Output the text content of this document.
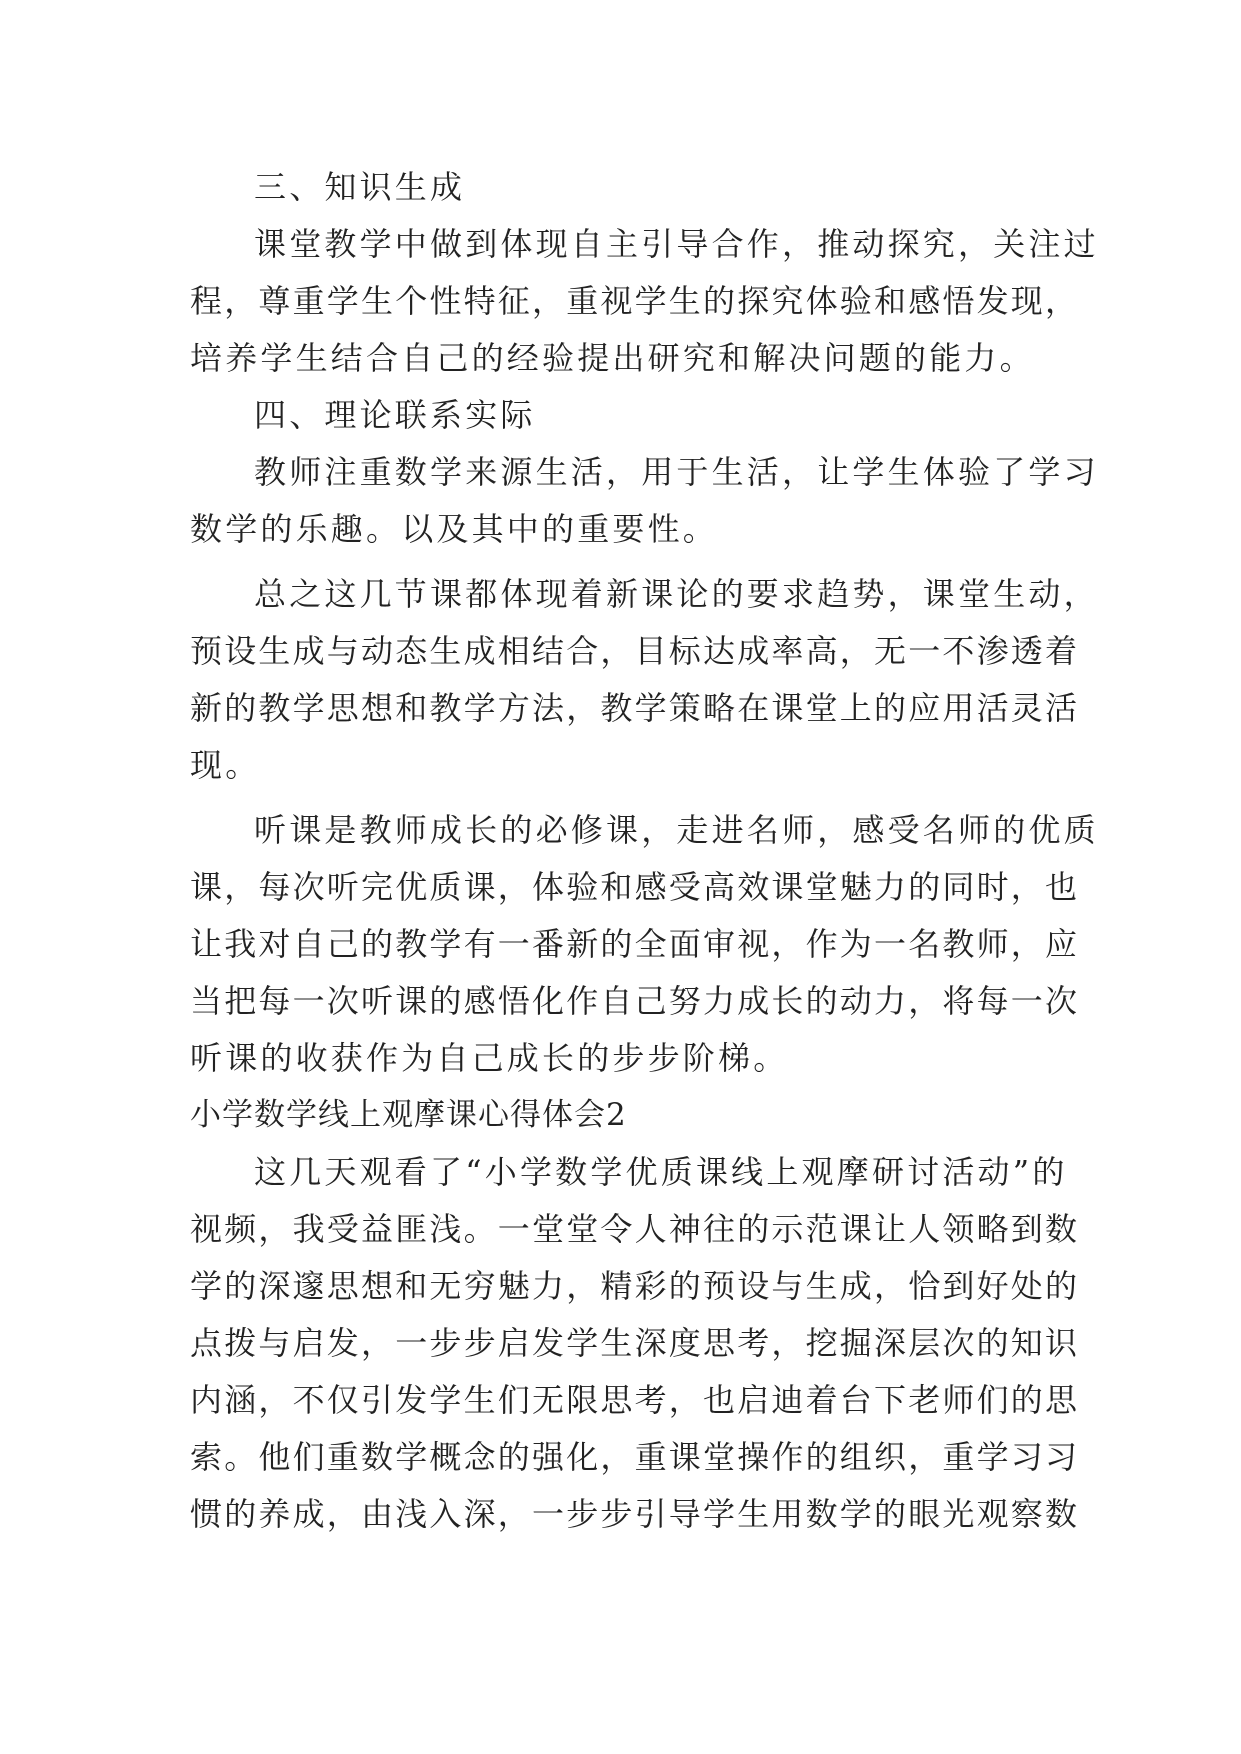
三、知识生成
课堂教学中做到体现自主引导合作，推动探究，关注过
程，尊重学生个性特征，重视学生的探究体验和感悟发现，
培养学生结合自己的经验提出研究和解决问题的能力。
四、理论联系实际
教师注重数学来源生活，用于生活，让学生体验了学习
数学的乐趣。以及其中的重要性。
总之这几节课都体现着新课论的要求趋势，课堂生动，
预设生成与动态生成相结合，目标达成率高，无一不渗透着
新的教学思想和教学方法，教学策略在课堂上的应用活灵活
现。
听课是教师成长的必修课，走进名师，感受名师的优质
课，每次听完优质课，体验和感受高效课堂魅力的同时，也
让我对自己的教学有一番新的全面审视，作为一名教师，应
当把每一次听课的感悟化作自己努力成长的动力，将每一次
听课的收获作为自己成长的步步阶梯。
小学数学线上观摩课心得体会2
这几天观看了“小学数学优质课线上观摩研讨活动”的
视频，我受益匪浅。一堂堂令人神往的示范课让人领略到数
学的深邃思想和无穷魅力，精彩的预设与生成，恰到好处的
点拨与启发，一步步启发学生深度思考，挖掘深层次的知识
内涵，不仅引发学生们无限思考，也启迪着台下老师们的思
索。他们重数学概念的强化，重课堂操作的组织，重学习习
惯的养成，由浅入深，一步步引导学生用数学的眼光观察数
